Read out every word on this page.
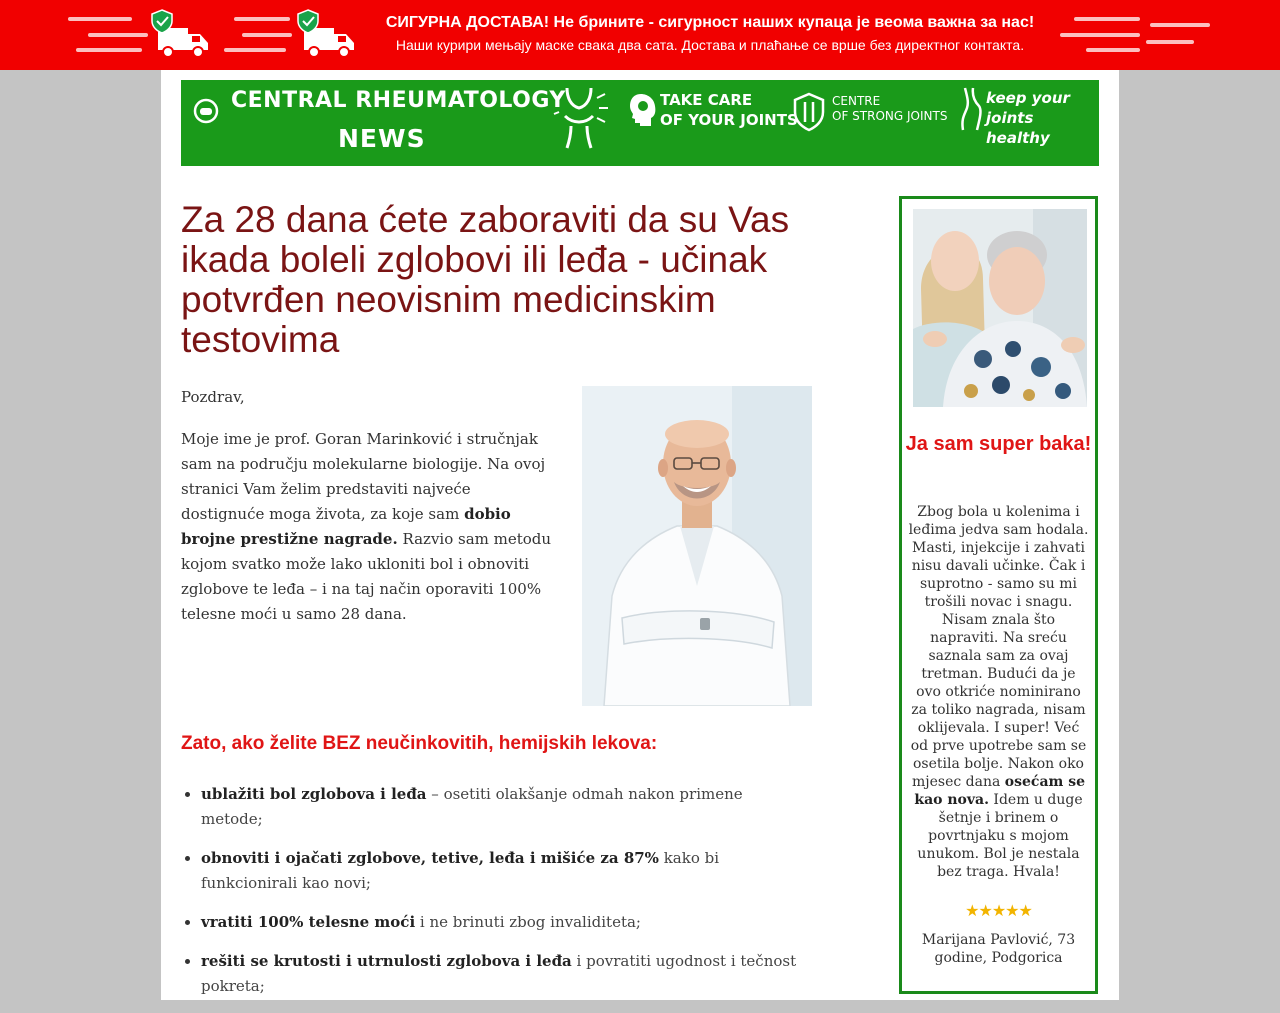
СИГУРНА ДОСТАВА! Не брините - сигурност наших купаца је веома важна за нас!
Наши курири мењају маске свака два сата. Достава и плаћање се врше без директног контакта.
CENTRAL RHEUMATOLOGY
NEWS
TAKE CARE
OF YOUR JOINTS
CENTRE
OF STRONG JOINTS
keep your
joints healthy
Za 28 dana ćete zaboraviti da su Vas ikada boleli zglobovi ili leđa - učinak potvrđen neovisnim medicinskim testovima

Pozdrav,

Moje ime je prof. Goran Marinković i stručnjak sam na području molekularne biologije. Na ovoj stranici Vam želim predstaviti najveće dostignuće moga života, za koje sam dobio brojne prestižne nagrade. Razvio sam metodu kojom svatko može lako ukloniti bol i obnoviti zglobove te leđa – i na taj način oporaviti 100% telesne moći u samo 28 dana.

Zato, ako želite BEZ neučinkovitih, hemijskih lekova:
ublažiti bol zglobova i leđa – osetiti olakšanje odmah nakon primene metode;
obnoviti i ojačati zglobove, tetive, leđa i mišiće za 87% kako bi funkcionirali kao novi;
vratiti 100% telesne moći i ne brinuti zbog invaliditeta;
rešiti se krutosti i utrnulosti zglobova i leđa i povratiti ugodnost i tečnost pokreta;
Ja sam super baka!

Zbog bola u kolenima i leđima jedva sam hodala. Masti, injekcije i zahvati nisu davali učinke. Čak i suprotno - samo su mi trošili novac i snagu. Nisam znala što napraviti. Na sreću saznala sam za ovaj tretman. Budući da je ovo otkriće nominirano za toliko nagrada, nisam oklijevala. I super! Već od prve upotrebe sam se osetila bolje. Nakon oko mjesec dana osećam se kao nova. Idem u duge šetnje i brinem o povrtnjaku s mojom unukom. Bol je nestala bez traga. Hvala!

★★★★★
Marijana Pavlović, 73 godine, Podgorica
